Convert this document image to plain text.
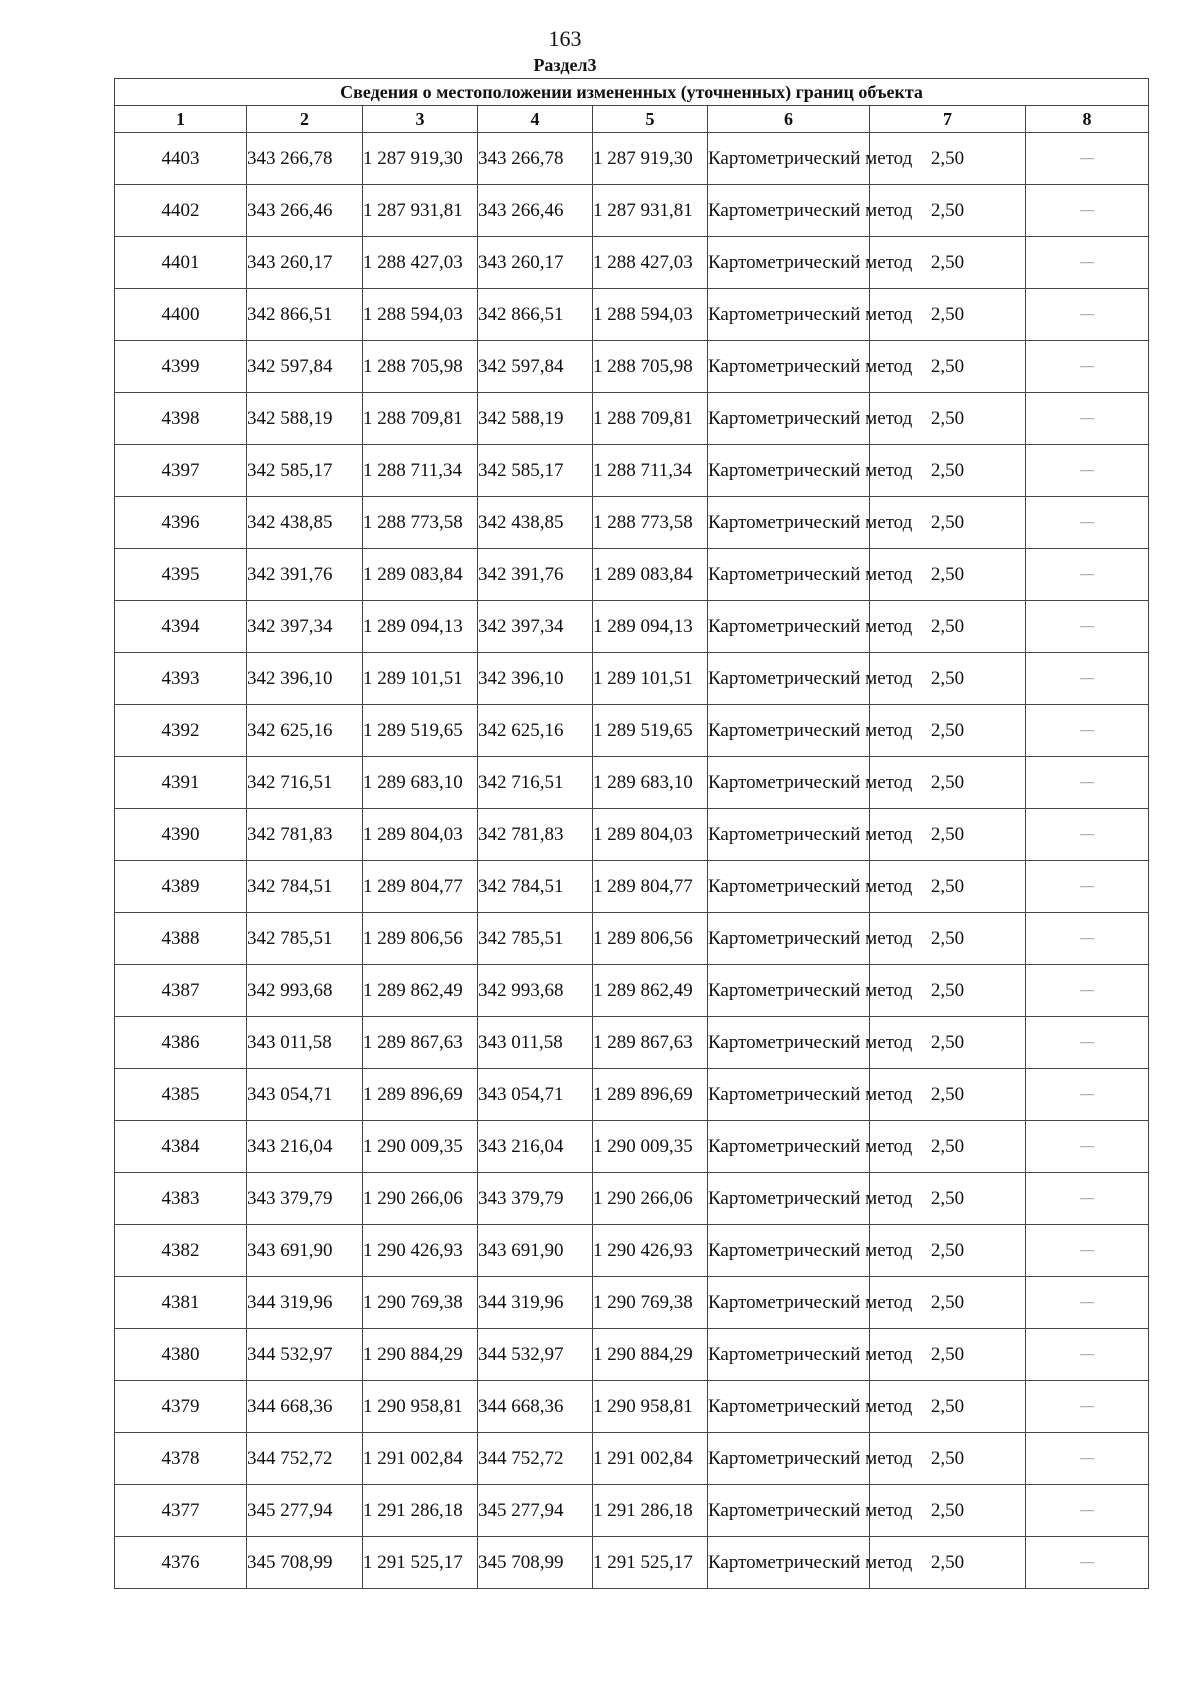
163
Раздел3
Сведения о местоположении измененных (уточненных) границ объекта							
1	2	3	4	5	6	7	8
4403	343 266,78	1 287 919,30	343 266,78	1 287 919,30	Картометрический метод	2,50	—
4402	343 266,46	1 287 931,81	343 266,46	1 287 931,81	Картометрический метод	2,50	—
4401	343 260,17	1 288 427,03	343 260,17	1 288 427,03	Картометрический метод	2,50	—
4400	342 866,51	1 288 594,03	342 866,51	1 288 594,03	Картометрический метод	2,50	—
4399	342 597,84	1 288 705,98	342 597,84	1 288 705,98	Картометрический метод	2,50	—
4398	342 588,19	1 288 709,81	342 588,19	1 288 709,81	Картометрический метод	2,50	—
4397	342 585,17	1 288 711,34	342 585,17	1 288 711,34	Картометрический метод	2,50	—
4396	342 438,85	1 288 773,58	342 438,85	1 288 773,58	Картометрический метод	2,50	—
4395	342 391,76	1 289 083,84	342 391,76	1 289 083,84	Картометрический метод	2,50	—
4394	342 397,34	1 289 094,13	342 397,34	1 289 094,13	Картометрический метод	2,50	—
4393	342 396,10	1 289 101,51	342 396,10	1 289 101,51	Картометрический метод	2,50	—
4392	342 625,16	1 289 519,65	342 625,16	1 289 519,65	Картометрический метод	2,50	—
4391	342 716,51	1 289 683,10	342 716,51	1 289 683,10	Картометрический метод	2,50	—
4390	342 781,83	1 289 804,03	342 781,83	1 289 804,03	Картометрический метод	2,50	—
4389	342 784,51	1 289 804,77	342 784,51	1 289 804,77	Картометрический метод	2,50	—
4388	342 785,51	1 289 806,56	342 785,51	1 289 806,56	Картометрический метод	2,50	—
4387	342 993,68	1 289 862,49	342 993,68	1 289 862,49	Картометрический метод	2,50	—
4386	343 011,58	1 289 867,63	343 011,58	1 289 867,63	Картометрический метод	2,50	—
4385	343 054,71	1 289 896,69	343 054,71	1 289 896,69	Картометрический метод	2,50	—
4384	343 216,04	1 290 009,35	343 216,04	1 290 009,35	Картометрический метод	2,50	—
4383	343 379,79	1 290 266,06	343 379,79	1 290 266,06	Картометрический метод	2,50	—
4382	343 691,90	1 290 426,93	343 691,90	1 290 426,93	Картометрический метод	2,50	—
4381	344 319,96	1 290 769,38	344 319,96	1 290 769,38	Картометрический метод	2,50	—
4380	344 532,97	1 290 884,29	344 532,97	1 290 884,29	Картометрический метод	2,50	—
4379	344 668,36	1 290 958,81	344 668,36	1 290 958,81	Картометрический метод	2,50	—
4378	344 752,72	1 291 002,84	344 752,72	1 291 002,84	Картометрический метод	2,50	—
4377	345 277,94	1 291 286,18	345 277,94	1 291 286,18	Картометрический метод	2,50	—
4376	345 708,99	1 291 525,17	345 708,99	1 291 525,17	Картометрический метод	2,50	—
